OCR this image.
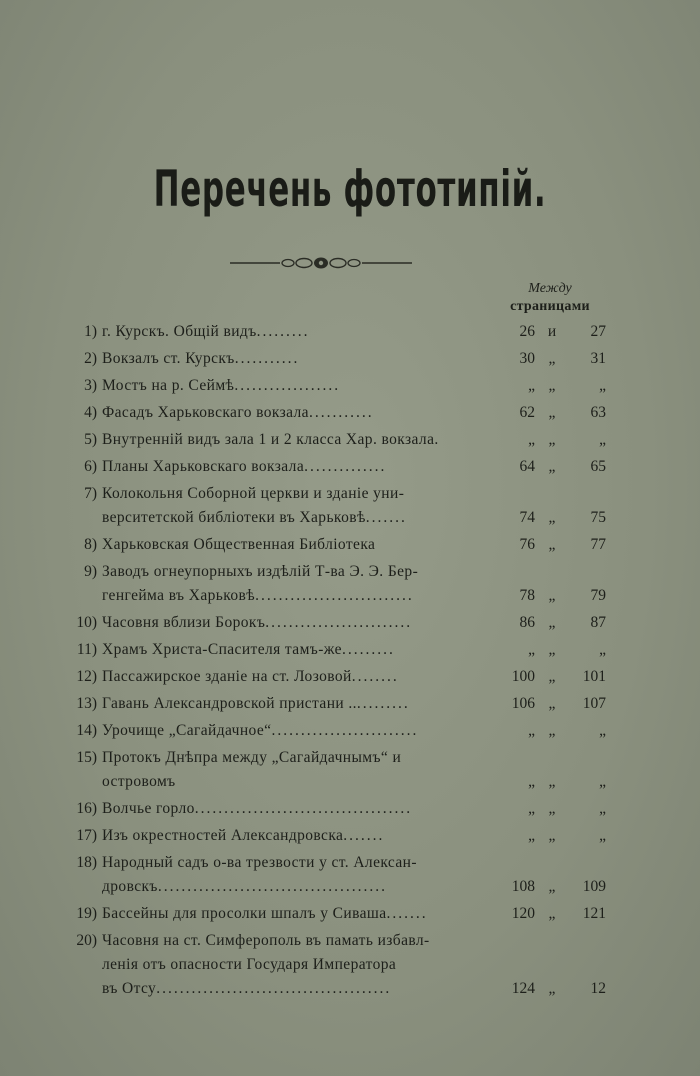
Перечень фототипій.
Между
страницами
1) г. Курскъ. Общій видъ.........	26 и	27
2) Вокзалъ ст. Курскъ...........	30 „	31
3) Мостъ на р. Сеймѣ..................	„ „	„
4) Фасадъ Харьковскаго вокзала...........	62 „	63
5) Внутренній видъ зала 1 и 2 класса Хар. вокзала.	„ „	„
6) Планы Харьковскаго вокзала..............	64 „	65
7) Колокольня Соборной церкви и зданіе уни-
верситетской библіотеки въ Харьковѣ.......	74 „	75
8) Харьковская Общественная Библіотека	76 „	77
9) Заводъ огнеупорныхъ издѣлій Т-ва Э. Э. Бер-
генгейма въ Харьковѣ...........................	78 „	79
10) Часовня вблизи Борокъ.........................	86 „	87
11) Храмъ Христа-Спасителя тамъ-же.........	„ „	„
12) Пассажирское зданіе на ст. Лозовой........	100 „	101
13) Гавань Александровской пристани ...........	106 „	107
14) Урочище „Сагайдачное“.........................	„ „	„
15) Протокъ Днѣпра между „Сагайдачнымъ“ и
островомъ	„ „	„
16) Волчье горло.....................................	„ „	„
17) Изъ окрестностей Александровска.......	„ „	„
18) Народный садъ о-ва трезвости у ст. Алексан-
дровскъ.......................................	108 „	109
19) Бассейны для просолки шпалъ у Сиваша.......	120 „	121
20) Часовня на ст. Симферополь въ памать избавл-
ленія отъ опасности Государя Императора
въ Отсу........................................	124 „	12
